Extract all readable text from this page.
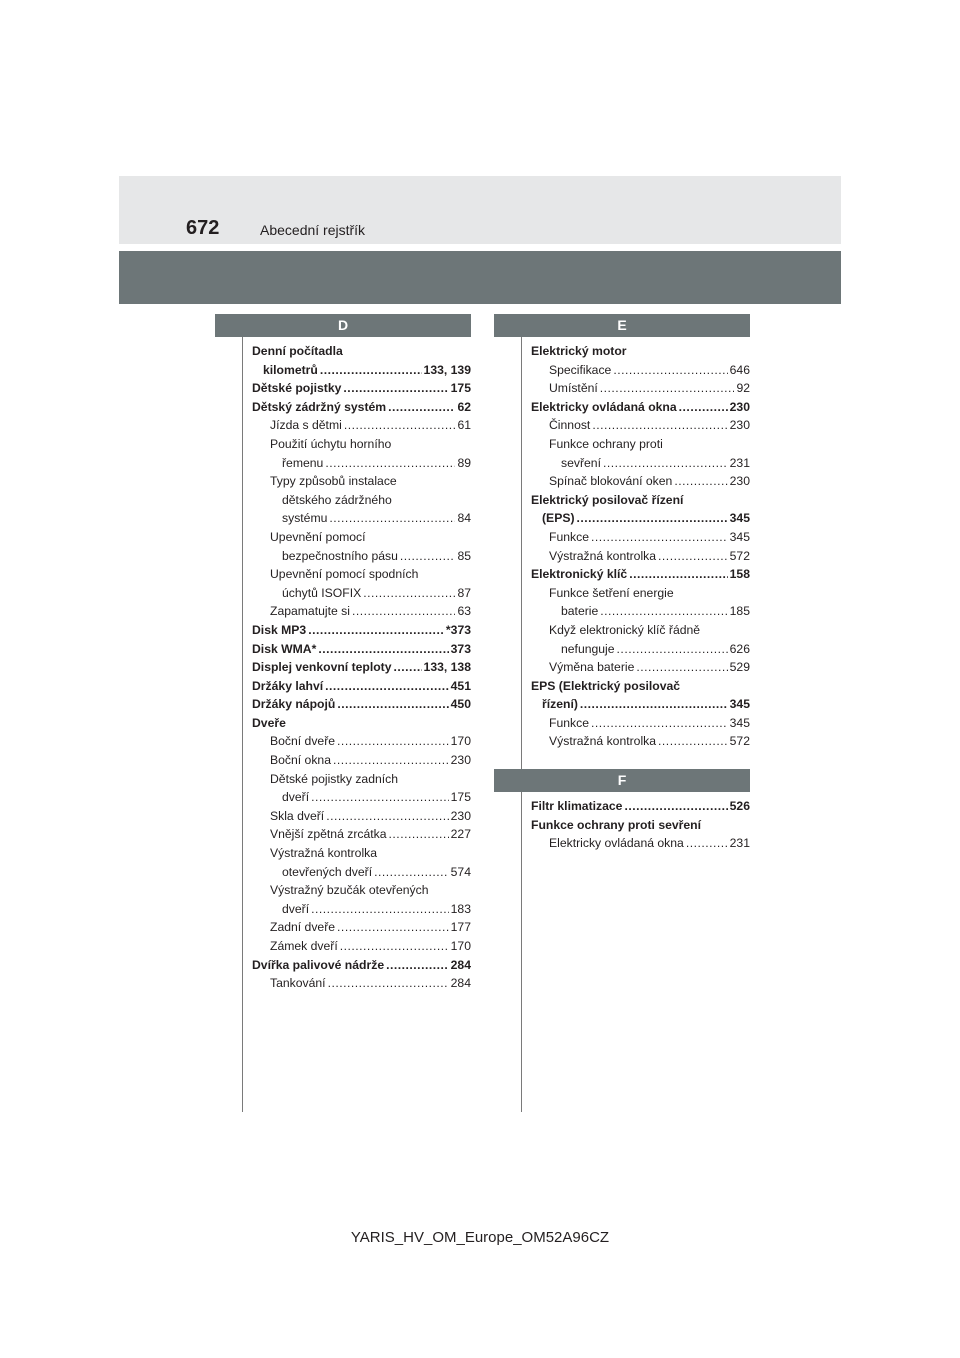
672	Abecední rejstřík
D
Denní počítadla
kilometrů .....	133, 139
Dětské pojistky .....	175
Dětský zádržný systém .....	62
Jízda s dětmi .....	61
Použití úchytu horního
řemenu .....	89
Typy způsobů instalace
dětského zádržného
systému .....	84
Upevnění pomocí
bezpečnostního pásu .....	85
Upevnění pomocí spodních
úchytů ISOFIX .....	87
Zapamatujte si .....	63
Disk MP3 .....	*373
Disk WMA* .....	373
Displej venkovní teploty .....	133, 138
Držáky lahví .....	451
Držáky nápojů .....	450
Dveře
Boční dveře .....	170
Boční okna .....	230
Dětské pojistky zadních
dveří .....	175
Skla dveří .....	230
Vnější zpětná zrcátka .....	227
Výstražná kontrolka
otevřených dveří .....	574
Výstražný bzučák otevřených
dveří .....	183
Zadní dveře .....	177
Zámek dveří .....	170
Dvířka palivové nádrže .....	284
Tankování .....	284
E
Elektrický motor
Specifikace .....	646
Umístění .....	92
Elektricky ovládaná okna .....	230
Činnost .....	230
Funkce ochrany proti
sevření .....	231
Spínač blokování oken .....	230
Elektrický posilovač řízení
(EPS) .....	345
Funkce .....	345
Výstražná kontrolka .....	572
Elektronický klíč .....	158
Funkce šetření energie
baterie .....	185
Když elektronický klíč řádně
nefunguje .....	626
Výměna baterie .....	529
EPS (Elektrický posilovač
řízení) .....	345
Funkce .....	345
Výstražná kontrolka .....	572
F
Filtr klimatizace .....	526
Funkce ochrany proti sevření
Elektricky ovládaná okna .....	231
YARIS_HV_OM_Europe_OM52A96CZ
